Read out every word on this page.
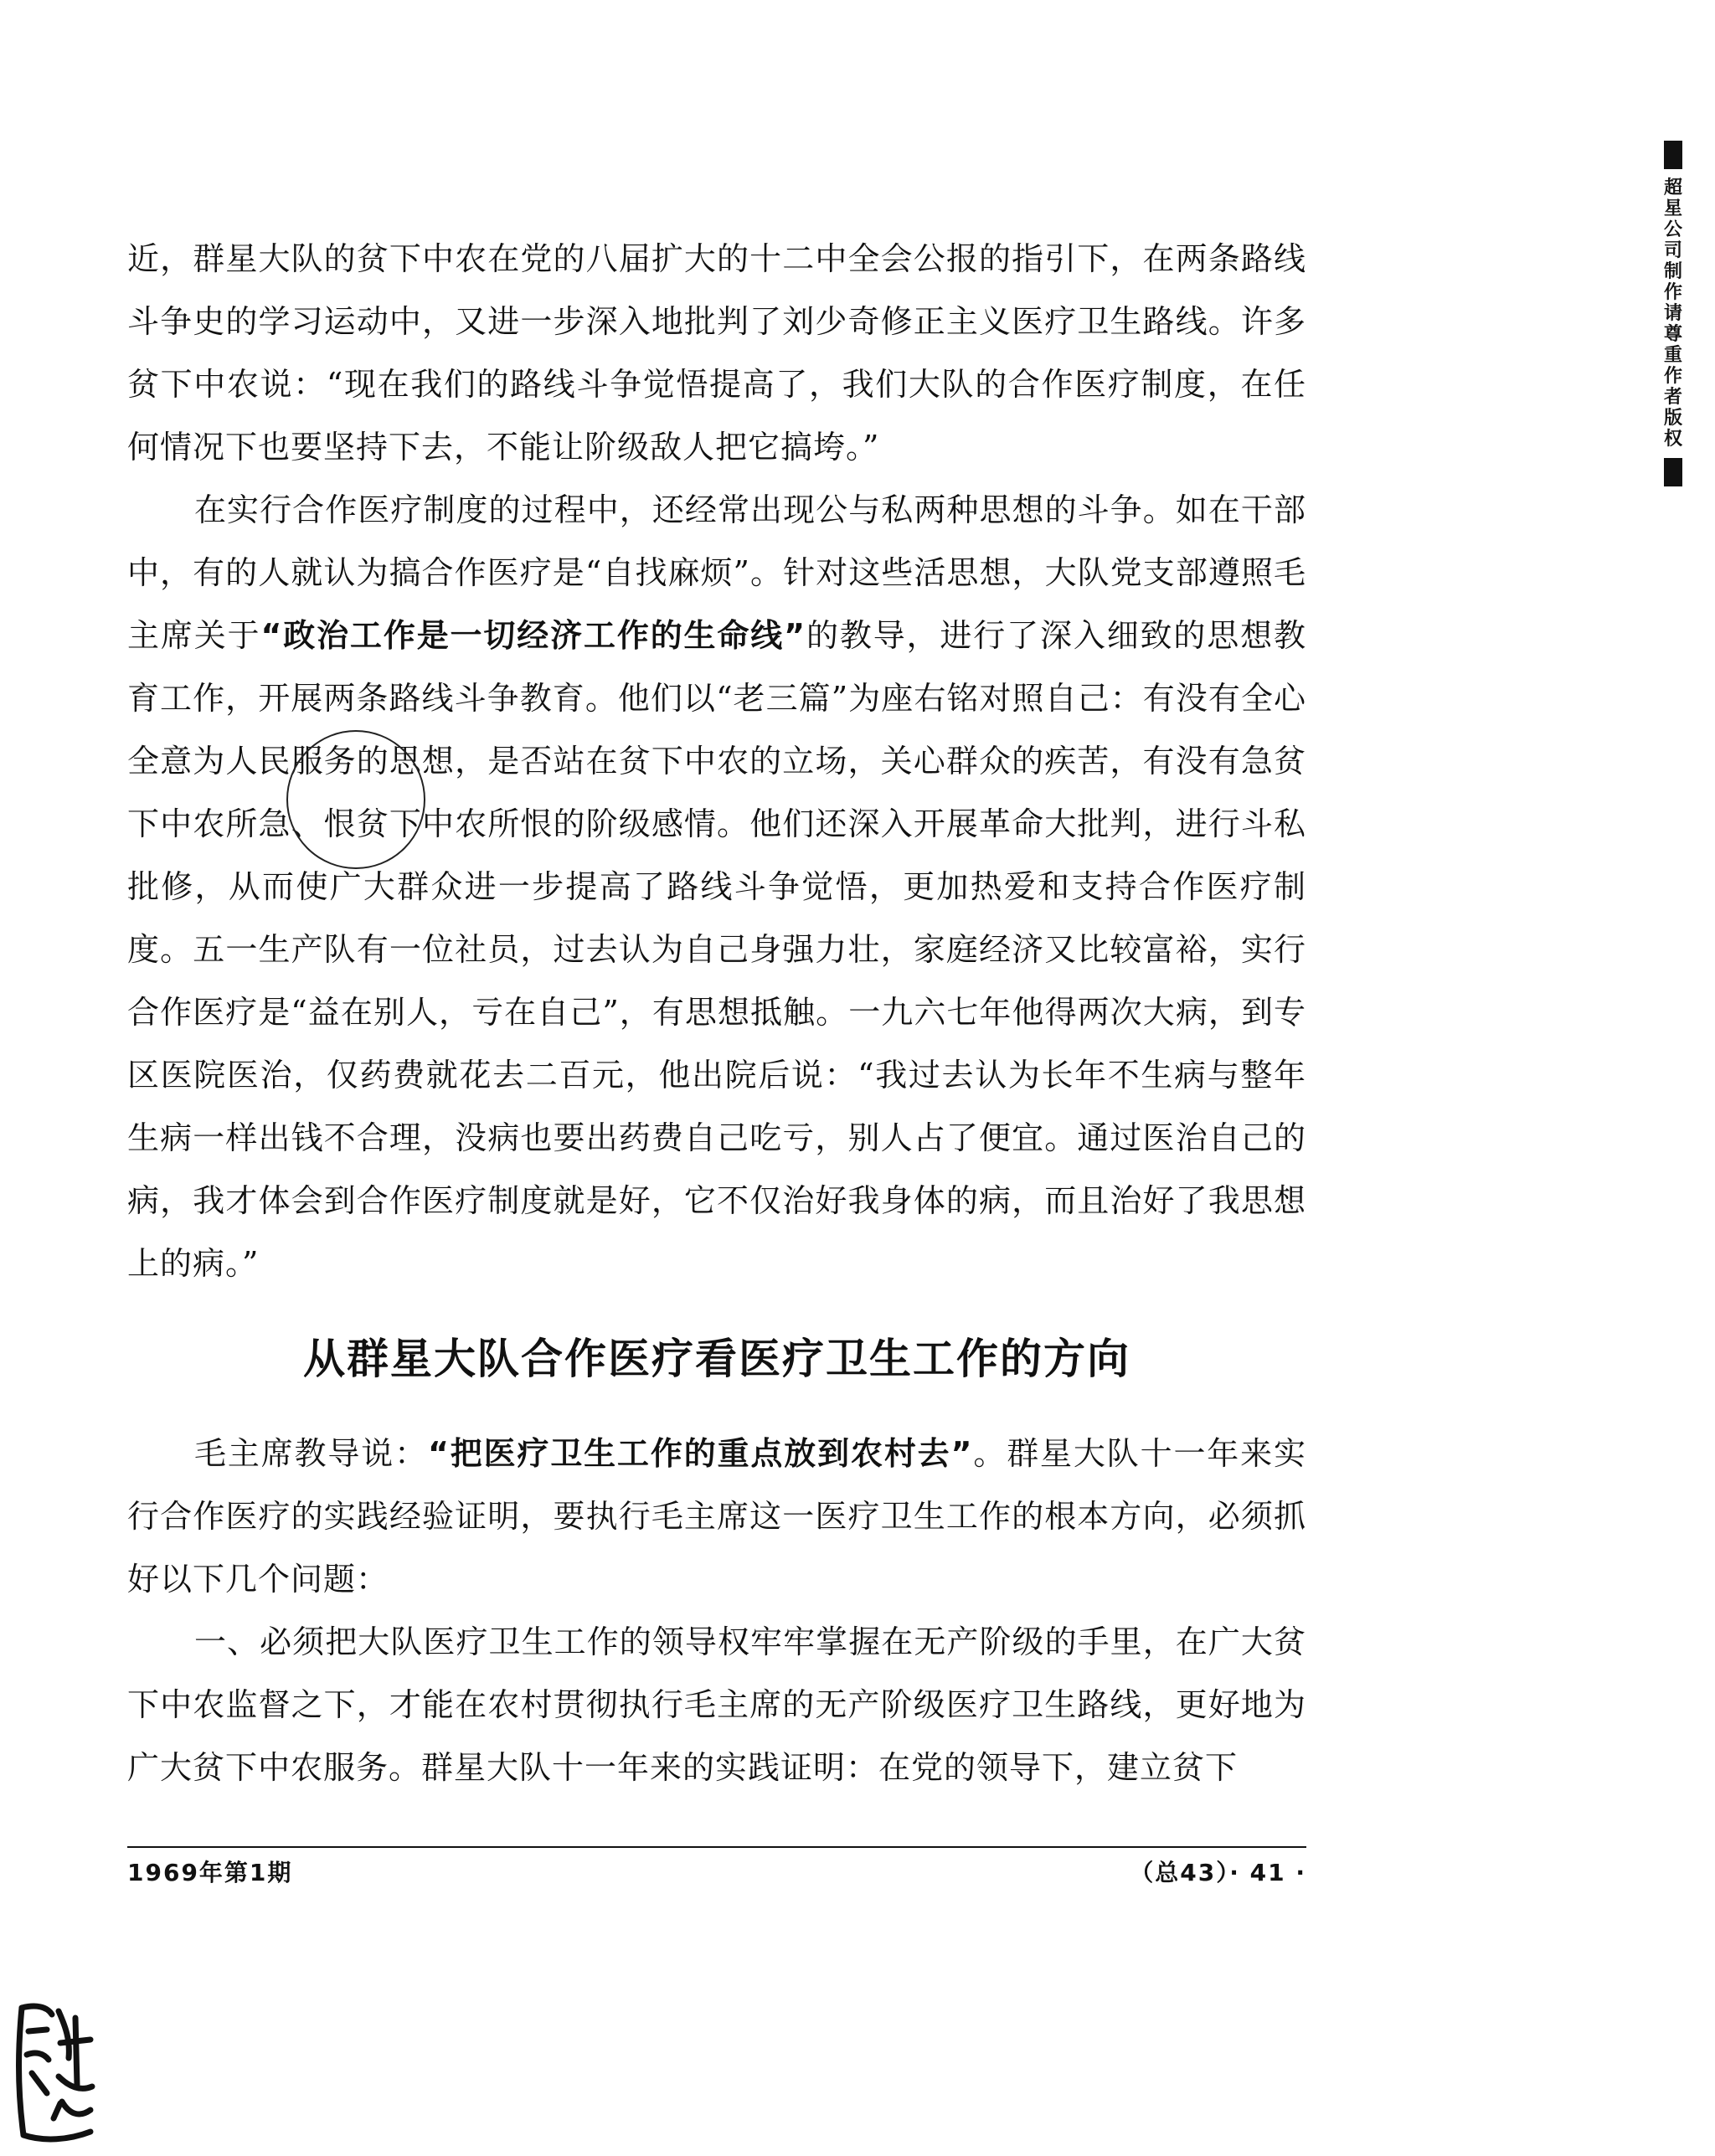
近，群星大队的贫下中农在党的八届扩大的十二中全会公报的指引下，在两条路线斗争史的学习运动中，又进一步深入地批判了刘少奇修正主义医疗卫生路线。许多贫下中农说：“现在我们的路线斗争觉悟提高了，我们大队的合作医疗制度，在任何情况下也要坚持下去，不能让阶级敌人把它搞垮。”

在实行合作医疗制度的过程中，还经常出现公与私两种思想的斗争。如在干部中，有的人就认为搞合作医疗是“自找麻烦”。针对这些活思想，大队党支部遵照毛主席关于“政治工作是一切经济工作的生命线”的教导，进行了深入细致的思想教育工作，开展两条路线斗争教育。他们以“老三篇”为座右铭对照自己：有没有全心全意为人民服务的思想，是否站在贫下中农的立场，关心群众的疾苦，有没有急贫下中农所急、恨贫下中农所恨的阶级感情。他们还深入开展革命大批判，进行斗私批修，从而使广大群众进一步提高了路线斗争觉悟，更加热爱和支持合作医疗制度。五一生产队有一位社员，过去认为自己身强力壮，家庭经济又比较富裕，实行合作医疗是“益在别人，亏在自己”，有思想抵触。一九六七年他得两次大病，到专区医院医治，仅药费就花去二百元，他出院后说：“我过去认为长年不生病与整年生病一样出钱不合理，没病也要出药费自己吃亏，别人占了便宜。通过医治自己的病，我才体会到合作医疗制度就是好，它不仅治好我身体的病，而且治好了我思想上的病。”

从群星大队合作医疗看医疗卫生工作的方向

毛主席教导说：“把医疗卫生工作的重点放到农村去”。群星大队十一年来实行合作医疗的实践经验证明，要执行毛主席这一医疗卫生工作的根本方向，必须抓好以下几个问题：

一、必须把大队医疗卫生工作的领导权牢牢掌握在无产阶级的手里，在广大贫下中农监督之下，才能在农村贯彻执行毛主席的无产阶级医疗卫生路线，更好地为广大贫下中农服务。群星大队十一年来的实践证明：在党的领导下，建立贫下

1969年第1期	（总43）· 41 ·
超星公司制作请尊重作者版权
